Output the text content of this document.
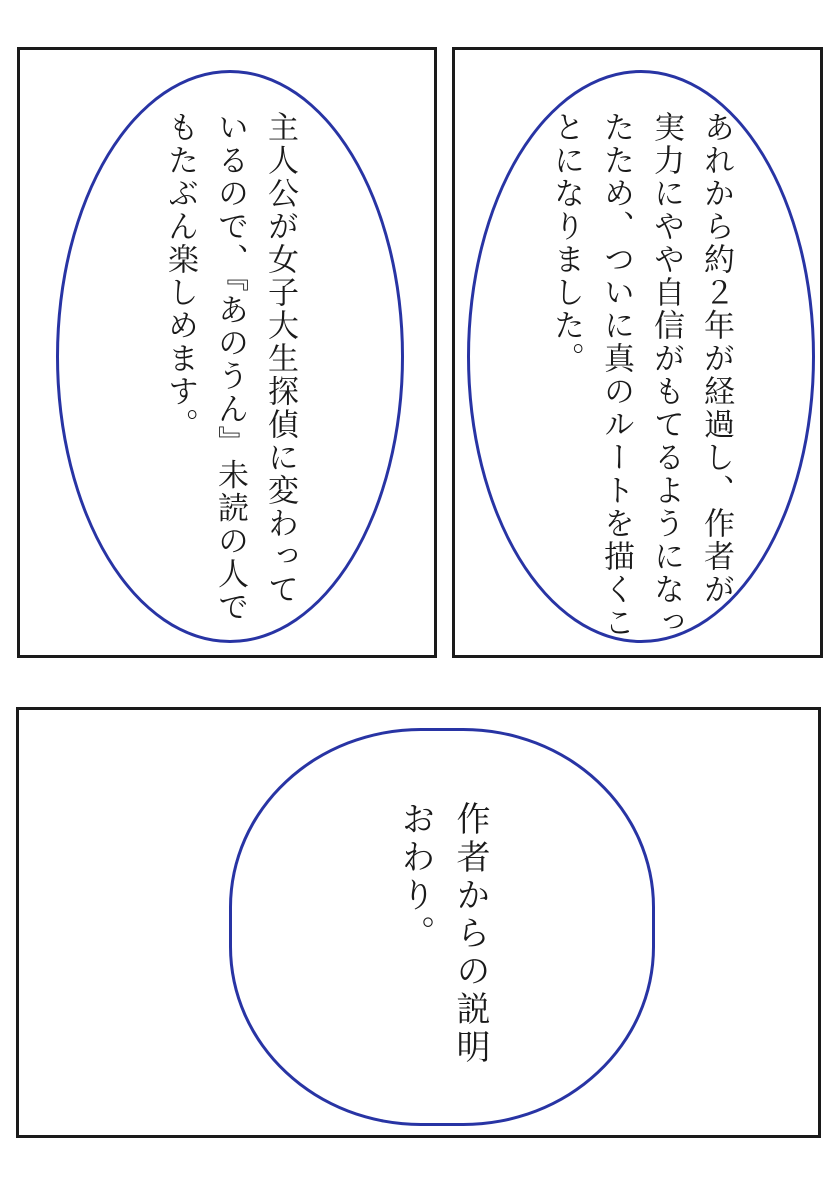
主人公が女子大生探偵に変わって

いるので、『あのうん』未読の人で

もたぶん楽しめます。	あれから約２年が経過し、作者が

実力にやや自信がもてるようになっ

たため、ついに真のルートを描くこ

とになりました。

作者からの説明

おわり。
